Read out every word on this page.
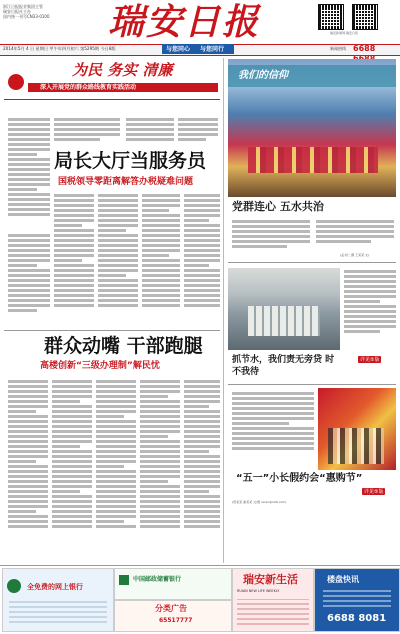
浙江日报报业集团主管
瑞安日报社主办
国内统一刊号CN33-0100	瑞安日报	瑞安新闻网·瑞安日报
2014年5月 4 日 星期日 甲午年四月初六 第5295期 今日8版	与您同心 与您同行	新闻热线 6688
为民 务实 清廉
深入开展党的群众路线教育实践活动
局长大厅当服务员
国税领导零距离解答办税疑难问题
群众动嘴 干部跑腿
高楼创新“三级办理制”解民忧
我们的信仰
党群连心 五水共治
(孟书仁 摄 王某某 文)
抓节水，我们责无旁贷 时不我待
详见②版
“五一”小长假约会“惠购节”
详见⑤版
(郑某某 谢某某 文/图 rarao@126.com)
全免费的网上银行
中国邮政储蓄银行
分类广告
65517777
瑞安新生活
RUIAN NEW LIFE WEEKLY
楼盘快讯
6688 8081
